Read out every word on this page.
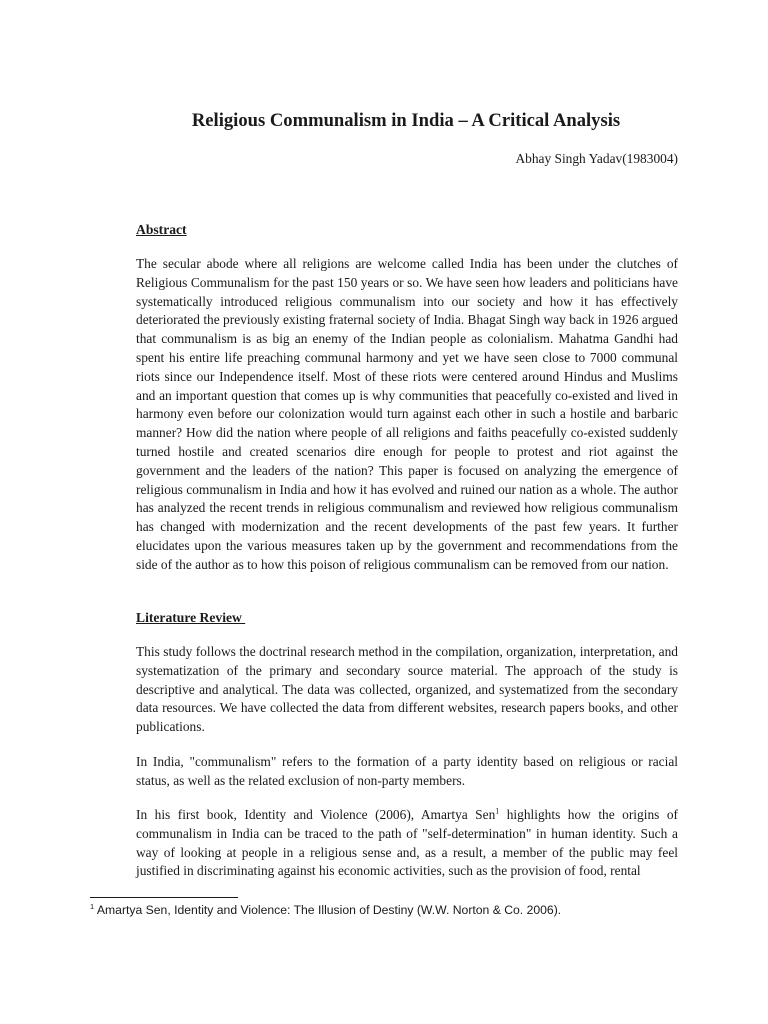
Religious Communalism in India – A Critical Analysis
Abhay Singh Yadav(1983004)
Abstract

The secular abode where all religions are welcome called India has been under the clutches of Religious Communalism for the past 150 years or so. We have seen how leaders and politicians have systematically introduced religious communalism into our society and how it has effectively deteriorated the previously existing fraternal society of India. Bhagat Singh way back in 1926 argued that communalism is as big an enemy of the Indian people as colonialism. Mahatma Gandhi had spent his entire life preaching communal harmony and yet we have seen close to 7000 communal riots since our Independence itself. Most of these riots were centered around Hindus and Muslims and an important question that comes up is why communities that peacefully co-existed and lived in harmony even before our colonization would turn against each other in such a hostile and barbaric manner? How did the nation where people of all religions and faiths peacefully co-existed suddenly turned hostile and created scenarios dire enough for people to protest and riot against the government and the leaders of the nation? This paper is focused on analyzing the emergence of religious communalism in India and how it has evolved and ruined our nation as a whole. The author has analyzed the recent trends in religious communalism and reviewed how religious communalism has changed with modernization and the recent developments of the past few years. It further elucidates upon the various measures taken up by the government and recommendations from the side of the author as to how this poison of religious communalism can be removed from our nation.

Literature Review

This study follows the doctrinal research method in the compilation, organization, interpretation, and systematization of the primary and secondary source material. The approach of the study is descriptive and analytical. The data was collected, organized, and systematized from the secondary data resources. We have collected the data from different websites, research papers books, and other publications.

In India, "communalism" refers to the formation of a party identity based on religious or racial status, as well as the related exclusion of non-party members.

In his first book, Identity and Violence (2006), Amartya Sen$^1$ highlights how the origins of communalism in India can be traced to the path of "self-determination" in human identity. Such a way of looking at people in a religious sense and, as a result, a member of the public may feel justified in discriminating against his economic activities, such as the provision of food, rental

$^1$ Amartya Sen, Identity and Violence: The Illusion of Destiny (W.W. Norton & Co. 2006).
